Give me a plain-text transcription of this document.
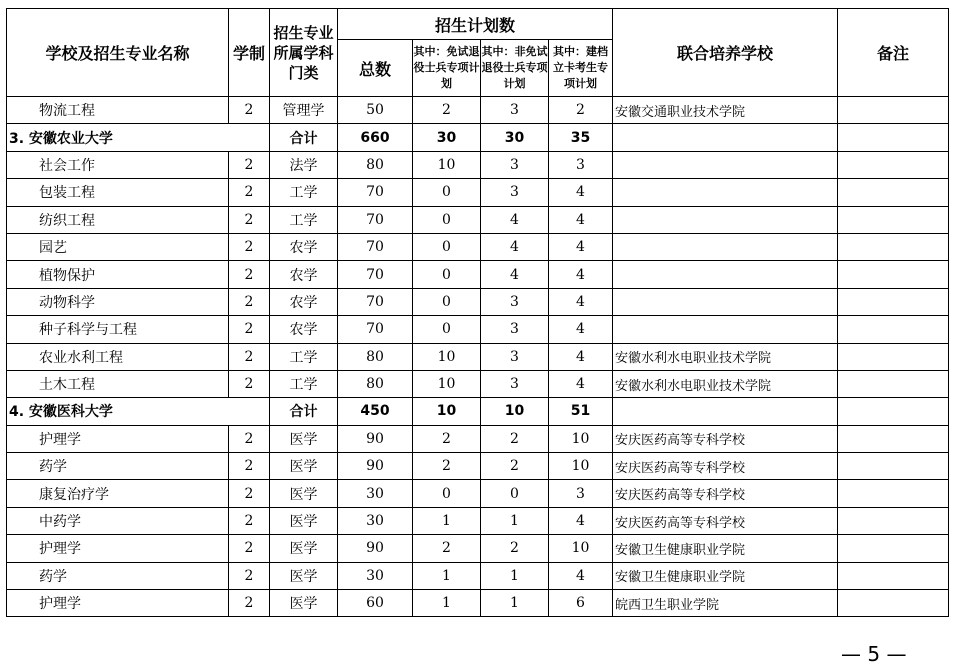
学校及招生专业名称	学制	招生专业所属学科门类	招生计划数				联合培养学校	备注
			总数	其中：免试退役士兵专项计划	其中：非免试退役士兵专项计划	其中：建档立卡考生专项计划		
物流工程	2	管理学	50	2	3	2	安徽交通职业技术学院	
3. 安徽农业大学		合计	660	30	30	35		
社会工作	2	法学	80	10	3	3		
包装工程	2	工学	70	0	3	4		
纺织工程	2	工学	70	0	4	4		
园艺	2	农学	70	0	4	4		
植物保护	2	农学	70	0	4	4		
动物科学	2	农学	70	0	3	4		
种子科学与工程	2	农学	70	0	3	4		
农业水利工程	2	工学	80	10	3	4	安徽水利水电职业技术学院	
土木工程	2	工学	80	10	3	4	安徽水利水电职业技术学院	
4. 安徽医科大学		合计	450	10	10	51		
护理学	2	医学	90	2	2	10	安庆医药高等专科学校	
药学	2	医学	90	2	2	10	安庆医药高等专科学校	
康复治疗学	2	医学	30	0	0	3	安庆医药高等专科学校	
中药学	2	医学	30	1	1	4	安庆医药高等专科学校	
护理学	2	医学	90	2	2	10	安徽卫生健康职业学院	
药学	2	医学	30	1	1	4	安徽卫生健康职业学院	
护理学	2	医学	60	1	1	6	皖西卫生职业学院	
— 5 —
